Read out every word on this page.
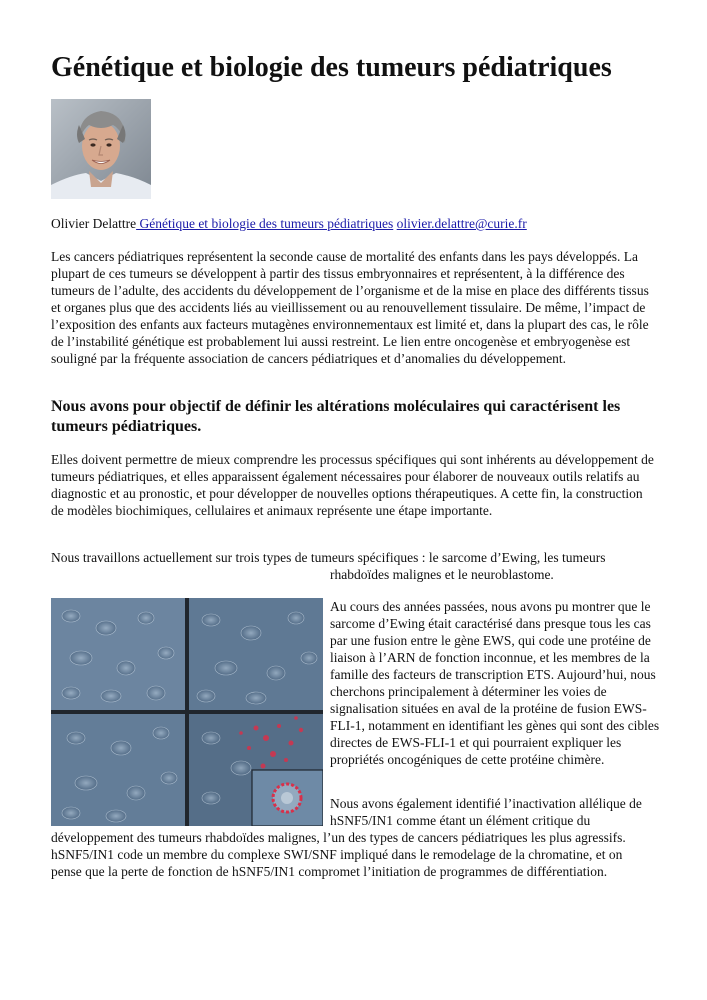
Génétique et biologie des tumeurs pédiatriques

Olivier Delattre Génétique et biologie des tumeurs pédiatriques olivier.delattre@curie.fr

Les cancers pédiatriques représentent la seconde cause de mortalité des enfants dans les pays développés. La plupart de ces tumeurs se développent à partir des tissus embryonnaires et représentent, à la différence des tumeurs de l’adulte, des accidents du développement de l’organisme et de la mise en place des différents tissus et organes plus que des accidents liés au vieillissement ou au renouvellement tissulaire. De même, l’impact de l’exposition des enfants aux facteurs mutagènes environnementaux est limité et, dans la plupart des cas, le rôle de l’instabilité génétique est probablement lui aussi restreint. Le lien entre oncogenèse et embryogenèse est souligné par la fréquente association de cancers pédiatriques et d’anomalies du développement.

Nous avons pour objectif de définir les altérations moléculaires qui caractérisent les tumeurs pédiatriques.

Elles doivent permettre de mieux comprendre les processus spécifiques qui sont inhérents au développement de tumeurs pédiatriques, et elles apparaissent également nécessaires pour élaborer de nouveaux outils relatifs au diagnostic et au pronostic, et pour développer de nouvelles options thérapeutiques. A cette fin, la construction de modèles biochimiques, cellulaires et animaux représente une étape importante.

Nous travaillons actuellement sur trois types de tumeurs spécifiques : le sarcome d’Ewing, les tumeurs

rhabdoïdes malignes et le neuroblastome.

Au cours des années passées, nous avons pu montrer que le sarcome d’Ewing était caractérisé dans presque tous les cas par une fusion entre le gène EWS, qui code une protéine de liaison à l’ARN de fonction inconnue, et les membres de la famille des facteurs de transcription ETS. Aujourd’hui, nous cherchons principalement à déterminer les voies de signalisation situées en aval de la protéine de fusion EWS-FLI-1, notamment en identifiant les gènes qui sont des cibles directes de EWS-FLI-1 et qui pourraient expliquer les propriétés oncogéniques de cette protéine chimère.

Nous avons également identifié l’inactivation allélique de hSNF5/IN1 comme étant un élément critique du

développement des tumeurs rhabdoïdes malignes, l’un des types de cancers pédiatriques les plus agressifs. hSNF5/IN1 code un membre du complexe SWI/SNF impliqué dans le remodelage de la chromatine, et on pense que la perte de fonction de hSNF5/IN1 compromet l’initiation de programmes de différentiation.
